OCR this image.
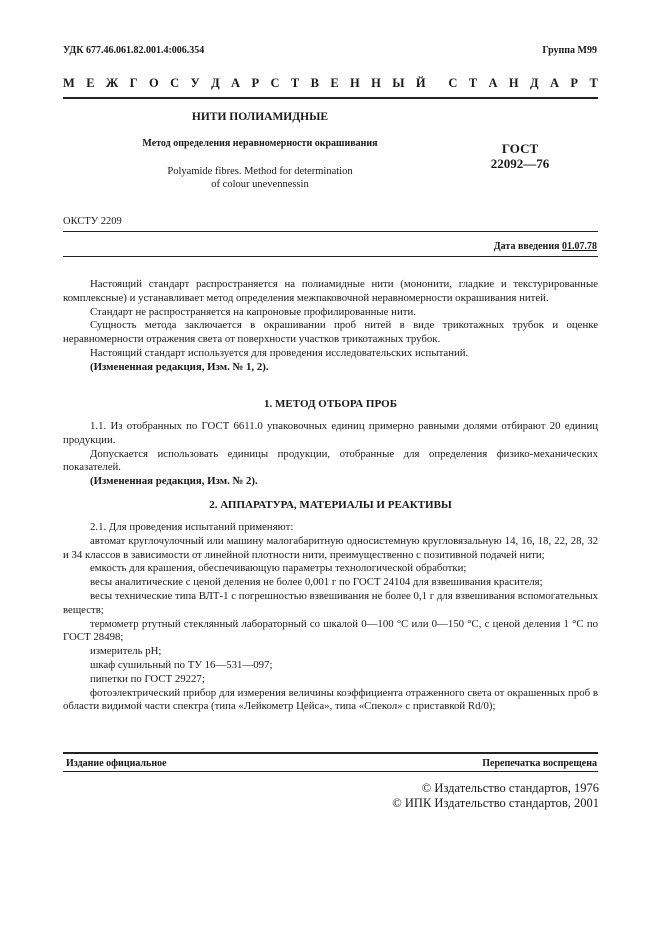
УДК 677.46.061.82.001.4:006.354	Группа М99
М Е Ж Г О С У Д А Р С Т В Е Н Н Ы Й С Т А Н Д А Р Т
НИТИ ПОЛИАМИДНЫЕ
Метод определения неравномерности окрашивания
Polyamide fibres. Method for determination
of colour unevennessin
ГОСТ
22092—76
ОКСТУ 2209
Дата введения 01.07.78

Настоящий стандарт распространяется на полиамидные нити (мононити, гладкие и текстурированные комплексные) и устанавливает метод определения межпаковочной неравномерности окрашивания нитей.

Стандарт не распространяется на капроновые профилированные нити.

Сущность метода заключается в окрашивании проб нитей в виде трикотажных трубок и оценке неравномерности отражения света от поверхности участков трикотажных трубок.

Настоящий стандарт используется для проведения исследовательских испытаний.

(Измененная редакция, Изм. № 1, 2).

1. МЕТОД ОТБОРА ПРОБ

1.1. Из отобранных по ГОСТ 6611.0 упаковочных единиц примерно равными долями отбирают 20 единиц продукции.

Допускается использовать единицы продукции, отобранные для определения физико-механических показателей.

(Измененная редакция, Изм. № 2).

2. АППАРАТУРА, МАТЕРИАЛЫ И РЕАКТИВЫ

2.1. Для проведения испытаний применяют:

автомат круглочулочный или машину малогабаритную односистемную кругловязальную 14, 16, 18, 22, 28, 32 и 34 классов в зависимости от линейной плотности нити, преимущественно с позитивной подачей нити;

емкость для крашения, обеспечивающую параметры технологической обработки;

весы аналитические с ценой деления не более 0,001 г по ГОСТ 24104 для взвешивания красителя;

весы технические типа ВЛТ-1 с погрешностью взвешивания не более 0,1 г для взвешивания вспомогательных веществ;

термометр ртутный стеклянный лабораторный со шкалой 0—100 °С или 0—150 °С, с ценой деления 1 °С по ГОСТ 28498;

измеритель рН;

шкаф сушильный по ТУ 16—531—097;

пипетки по ГОСТ 29227;

фотоэлектрический прибор для измерения величины коэффициента отраженного света от окрашенных проб в области видимой части спектра (типа «Лейкометр Цейса», типа «Спекол» с приставкой Rd/0);

Издание официальное	Перепечатка воспрещена
© Издательство стандартов, 1976
© ИПК Издательство стандартов, 2001
